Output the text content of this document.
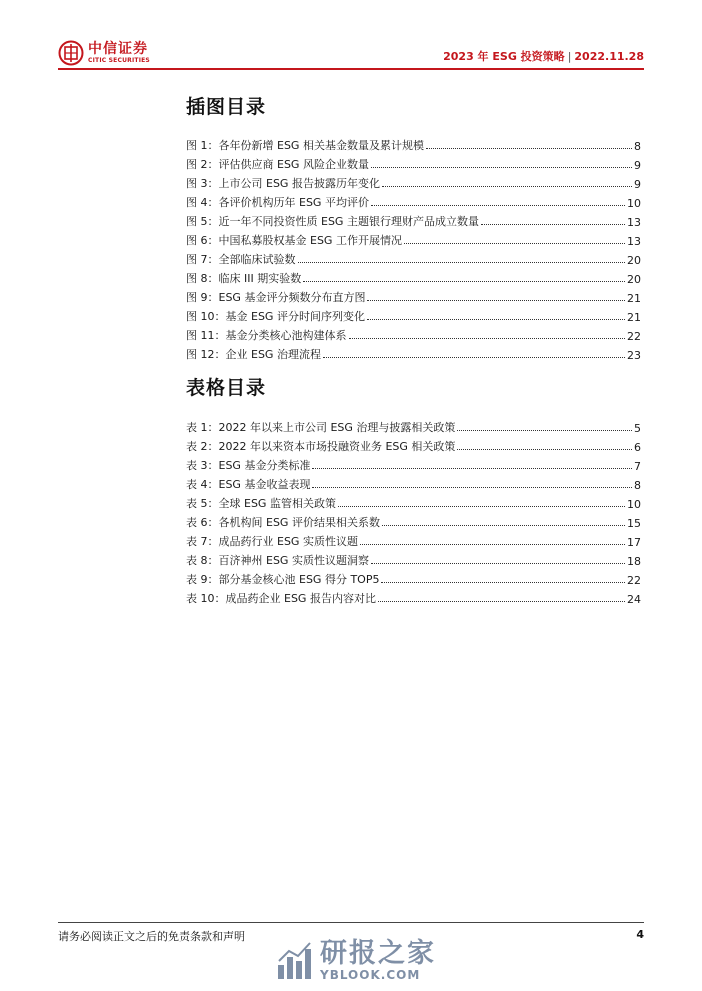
中信证券
CITIC SECURITIES	2023 年 ESG 投资策略 | 2022.11.28
插图目录
图 1：各年份新增 ESG 相关基金数量及累计规模	8
图 2：评估供应商 ESG 风险企业数量	9
图 3：上市公司 ESG 报告披露历年变化	9
图 4：各评价机构历年 ESG 平均评价	10
图 5：近一年不同投资性质 ESG 主题银行理财产品成立数量	13
图 6：中国私募股权基金 ESG 工作开展情况	13
图 7：全部临床试验数	20
图 8：临床 III 期实验数	20
图 9：ESG 基金评分频数分布直方图	21
图 10：基金 ESG 评分时间序列变化	21
图 11：基金分类核心池构建体系	22
图 12：企业 ESG 治理流程	23
表格目录
表 1：2022 年以来上市公司 ESG 治理与披露相关政策	5
表 2：2022 年以来资本市场投融资业务 ESG 相关政策	6
表 3：ESG 基金分类标准	7
表 4：ESG 基金收益表现	8
表 5：全球 ESG 监管相关政策	10
表 6：各机构间 ESG 评价结果相关系数	15
表 7：成品药行业 ESG 实质性议题	17
表 8：百济神州 ESG 实质性议题洞察	18
表 9：部分基金核心池 ESG 得分 TOP5	22
表 10：成品药企业 ESG 报告内容对比	24
请务必阅读正文之后的免责条款和声明	4
研报之家
YBLOOK.COM
